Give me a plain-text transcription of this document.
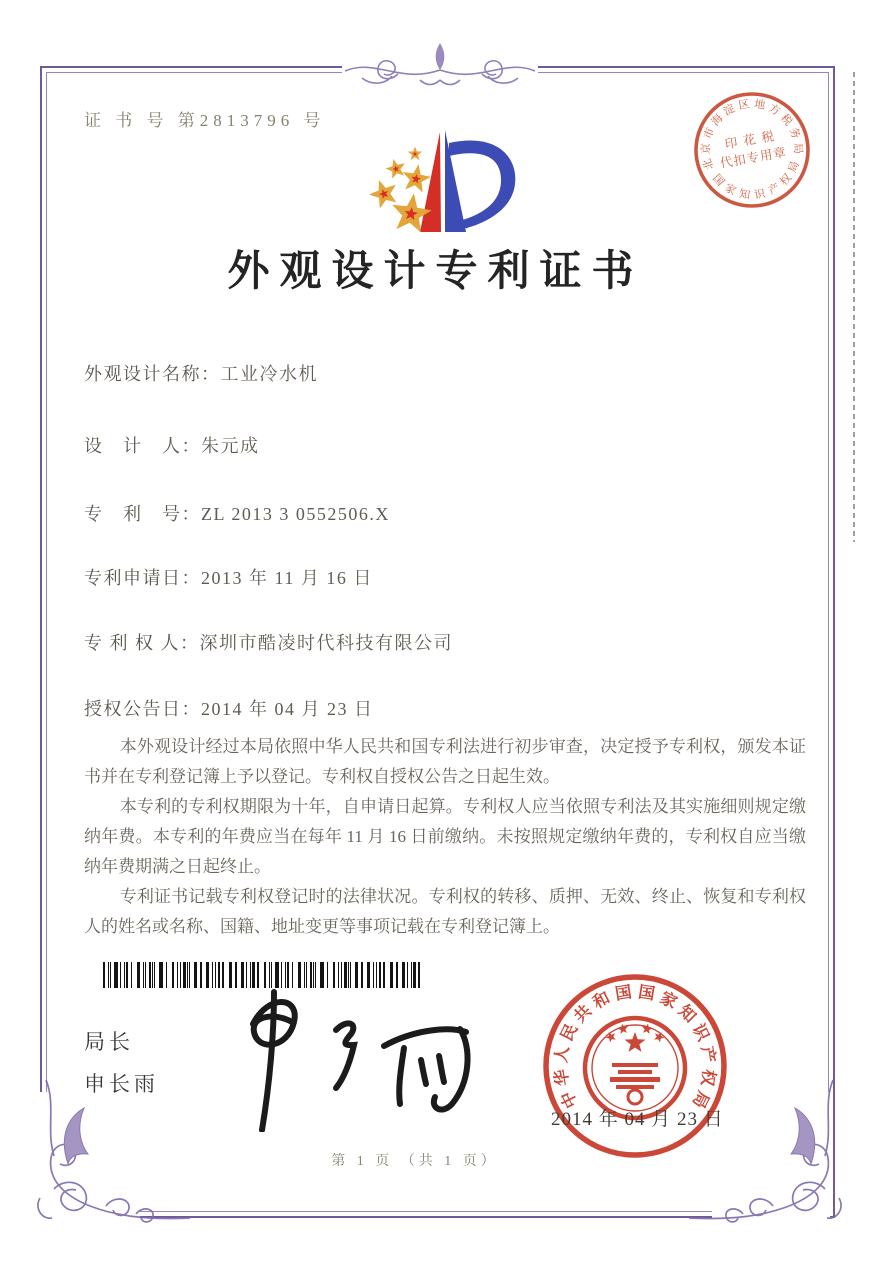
证 书 号 第2813796 号
外观设计专利证书
北
京
市
海
淀 区 地 方
税
务
局
国
家 知 识 产
权
局
印 花 税
代扣专用章
外观设计名称：工业冷水机
设　计　人：朱元成
专　利　号：ZL 2013 3 0552506.X
专利申请日：2013 年 11 月 16 日
专 利 权 人：深圳市酷凌时代科技有限公司
授权公告日：2014 年 04 月 23 日

本外观设计经过本局依照中华人民共和国专利法进行初步审查，决定授予专利权，颁发本证书并在专利登记簿上予以登记。专利权自授权公告之日起生效。

本专利的专利权期限为十年，自申请日起算。专利权人应当依照专利法及其实施细则规定缴纳年费。本专利的年费应当在每年 11 月 16 日前缴纳。未按照规定缴纳年费的，专利权自应当缴纳年费期满之日起终止。

专利证书记载专利权登记时的法律状况。专利权的转移、质押、无效、终止、恢复和专利权人的姓名或名称、国籍、地址变更等事项记载在专利登记簿上。

局长
申长雨
中
华
人
民
共
和 国 国 家
知
识
产
权
局
2014 年 04 月 23 日
第 1 页 （共 1 页）
